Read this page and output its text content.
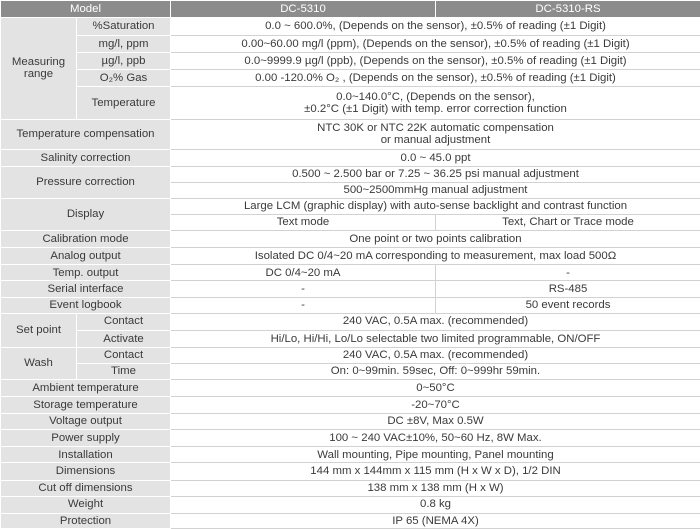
Model		DC-5310	DC-5310-RS
Measuring range	%Saturation	0.0 ~ 600.0%, (Depends on the sensor), ±0.5% of reading (±1 Digit)	
	mg/l, ppm	0.00~60.00 mg/l (ppm), (Depends on the sensor), ±0.5% of reading (±1 Digit)	
	µg/l, ppb	0.0~9999.9 µg/l (ppb), (Depends on the sensor), ±0.5% of reading (±1 Digit)	
	O₂% Gas	0.00 -120.0% O₂ , (Depends on the sensor), ±0.5% of reading (±1 Digit)	
	Temperature	0.0~140.0°C, (Depends on the sensor),
±0.2°C (±1 Digit) with temp. error correction function	

Temperature compensation		NTC 30K or NTC 22K automatic compensation
or manual adjustment	

Salinity correction		0.0 ~ 45.0 ppt	
Pressure correction		0.500 ~ 2.500 bar or 7.25 ~ 36.25 psi manual adjustment	
		500~2500mmHg manual adjustment	
Display		Large LCM (graphic display) with auto-sense backlight and contrast function	
		Text mode	Text, Chart or Trace mode
Calibration mode		One point or two points calibration	
Analog output		Isolated DC 0/4~20 mA corresponding to measurement, max load 500Ω	
Temp. output		DC 0/4~20 mA	-
Serial interface		-	RS-485
Event logbook		-	50 event records
Set point	Contact	240 VAC, 0.5A max. (recommended)	
	Activate	Hi/Lo, Hi/Hi, Lo/Lo selectable two limited programmable, ON/OFF	
Wash	Contact	240 VAC, 0.5A max. (recommended)	
	Time	On: 0~99min. 59sec, Off: 0~999hr 59min.	
Ambient temperature		0~50°C	
Storage temperature		-20~70°C	
Voltage output		DC ±8V, Max 0.5W	
Power supply		100 ~ 240 VAC±10%, 50~60 Hz, 8W Max.	
Installation		Wall mounting, Pipe mounting, Panel mounting	
Dimensions		144 mm x 144mm x 115 mm (H x W x D), 1/2 DIN	
Cut off dimensions		138 mm x 138 mm (H x W)	
Weight		0.8 kg	
Protection		IP 65 (NEMA 4X)	
